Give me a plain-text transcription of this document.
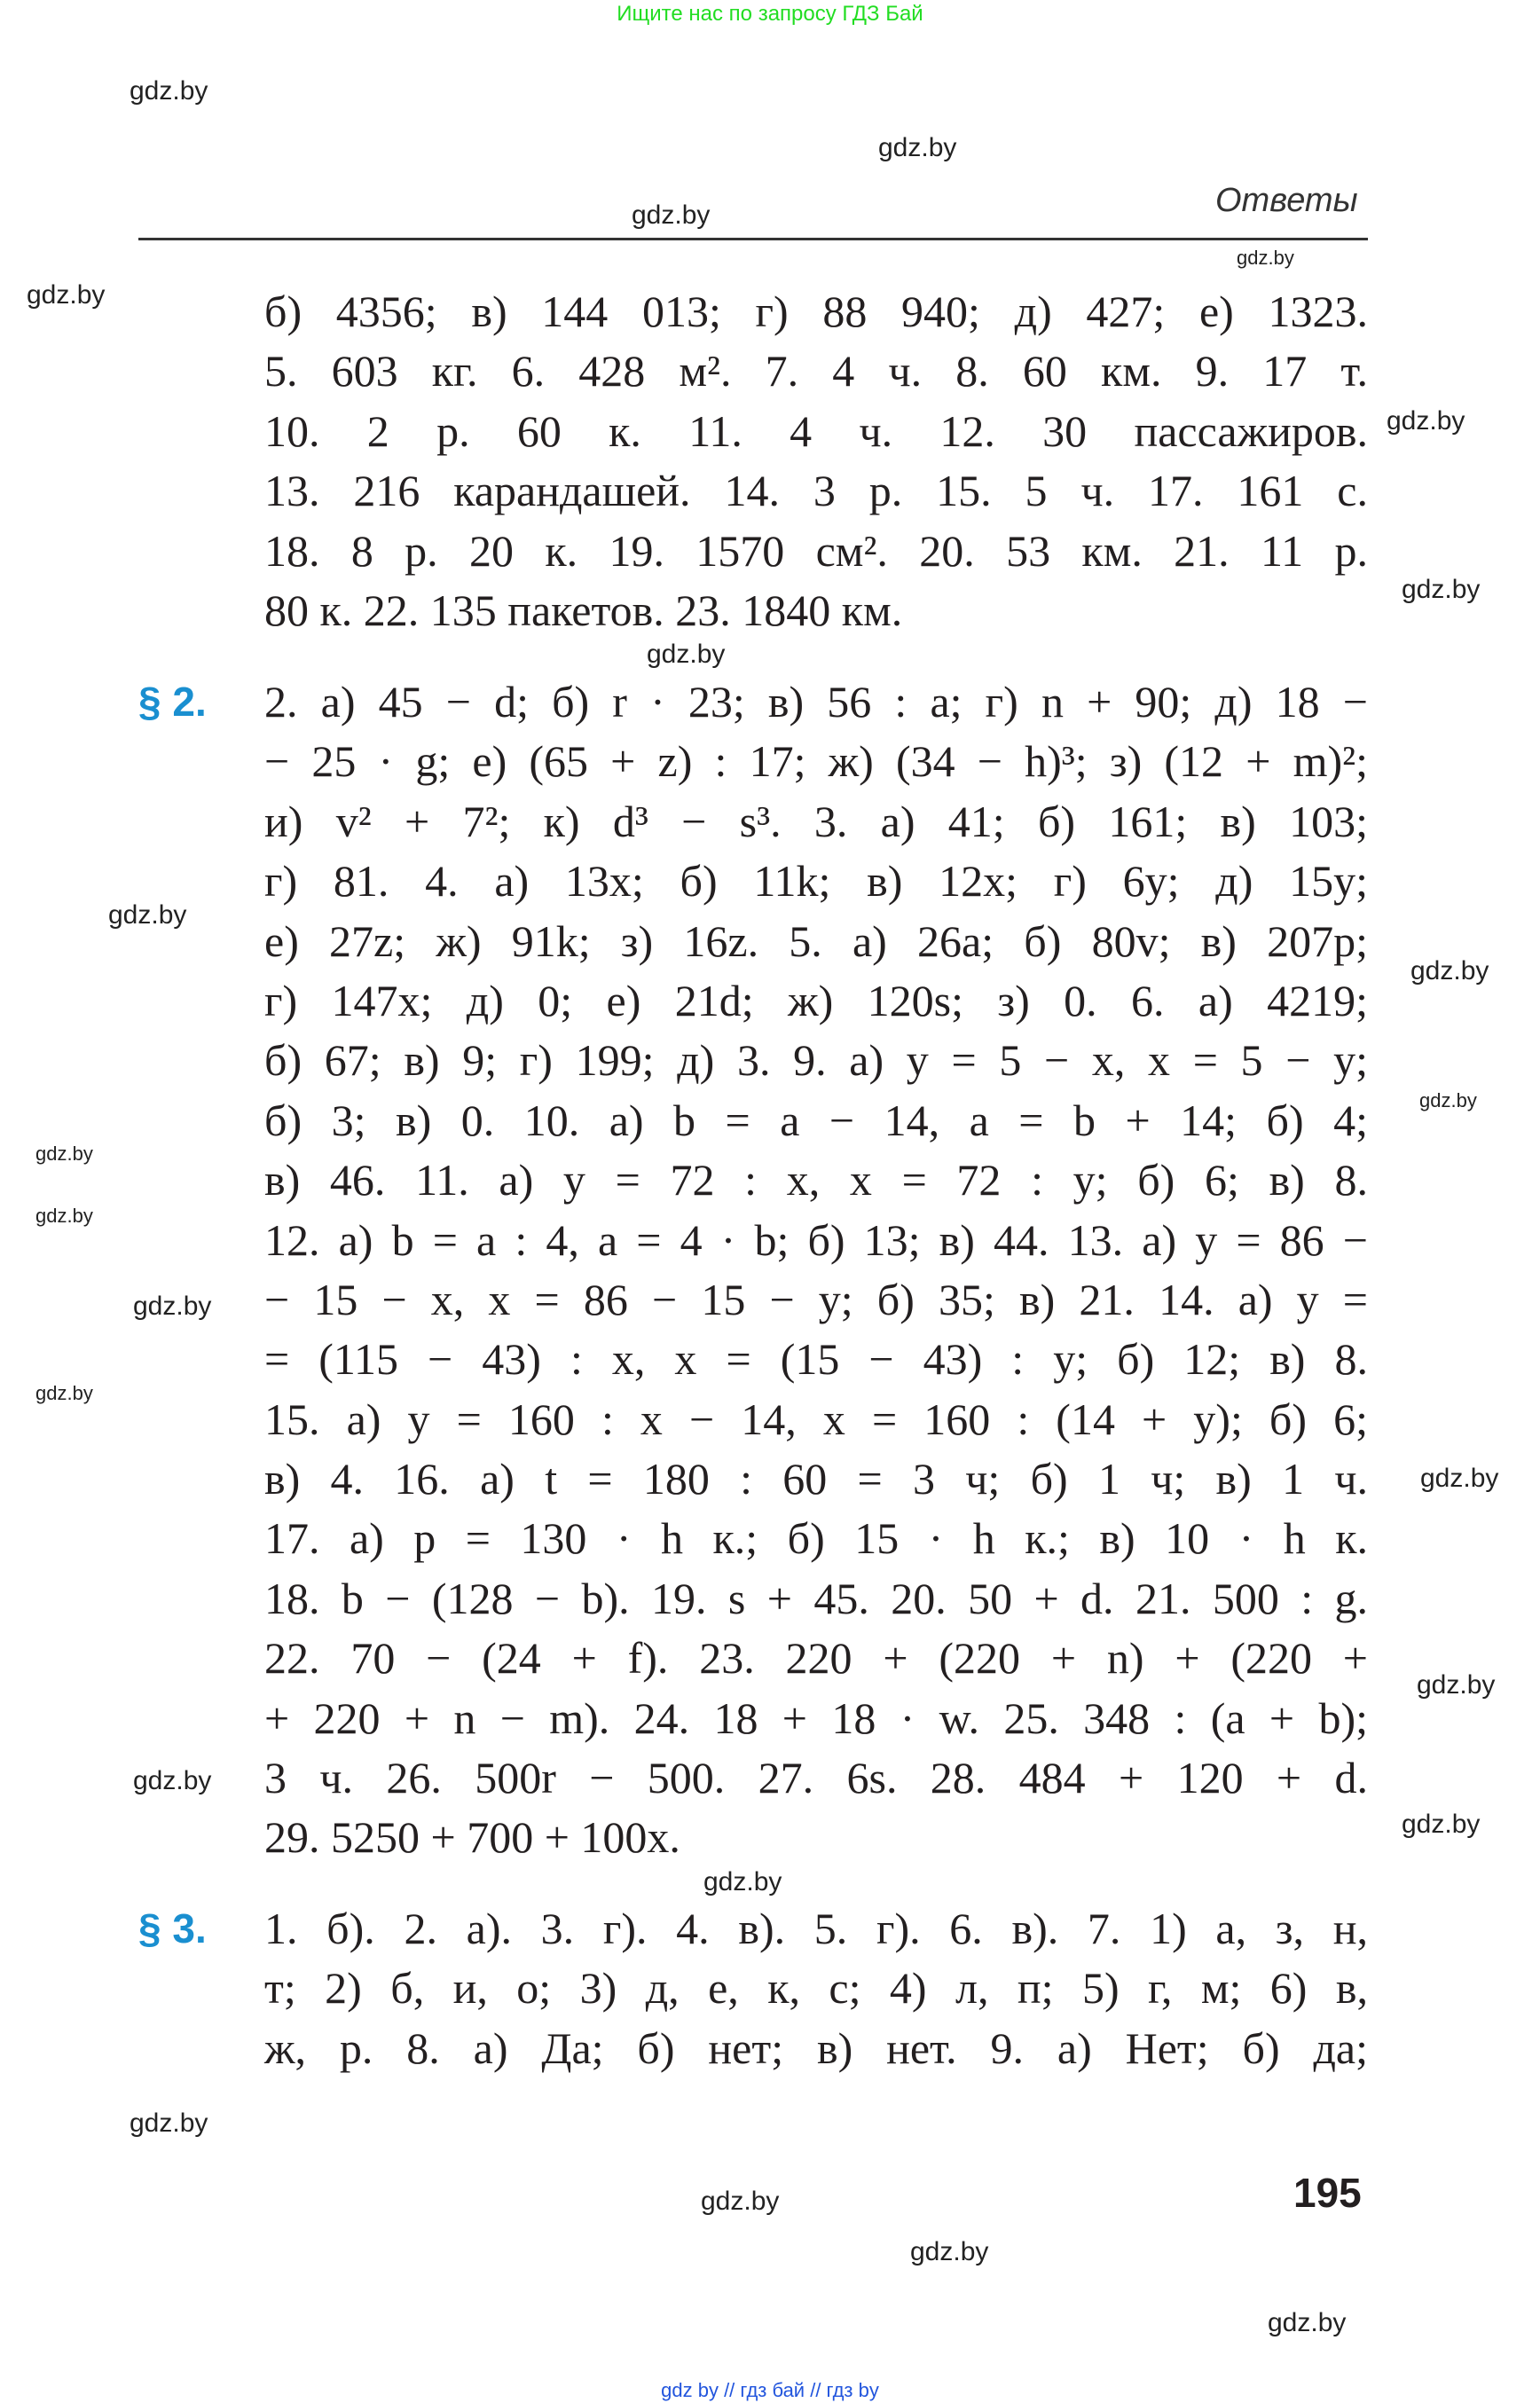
Ищите нас по запросу ГДЗ Бай
Ответы
б) 4356; в) 144 013; г) 88 940; д) 427; е) 1323.
5. 603 кг. 6. 428 м². 7. 4 ч. 8. 60 км. 9. 17 т.
10. 2 р. 60 к. 11. 4 ч. 12. 30 пассажиров.
13. 216 карандашей. 14. 3 р. 15. 5 ч. 17. 161 с.
18. 8 р. 20 к. 19. 1570 см². 20. 53 км. 21. 11 р.
80 к. 22. 135 пакетов. 23. 1840 км.
§ 2. 2. а) 45 − d; б) r · 23; в) 56 : a; г) n + 90; д) 18 −
− 25 · g; е) (65 + z) : 17; ж) (34 − h)³; з) (12 + m)²;
и) v² + 7²; к) d³ − s³. 3. а) 41; б) 161; в) 103;
г) 81. 4. а) 13x; б) 11k; в) 12x; г) 6y; д) 15y;
е) 27z; ж) 91k; з) 16z. 5. а) 26a; б) 80v; в) 207p;
г) 147x; д) 0; е) 21d; ж) 120s; з) 0. 6. а) 4219;
б) 67; в) 9; г) 199; д) 3. 9. а) y = 5 − x, x = 5 − y;
б) 3; в) 0. 10. а) b = a − 14, a = b + 14; б) 4;
в) 46. 11. а) y = 72 : x, x = 72 : y; б) 6; в) 8.
12. а) b = a : 4, a = 4 · b; б) 13; в) 44. 13. а) y = 86 −
− 15 − x, x = 86 − 15 − y; б) 35; в) 21. 14. а) y =
= (115 − 43) : x, x = (15 − 43) : y; б) 12; в) 8.
15. а) y = 160 : x − 14, x = 160 : (14 + y); б) 6;
в) 4. 16. а) t = 180 : 60 = 3 ч; б) 1 ч; в) 1 ч.
17. а) p = 130 · h к.; б) 15 · h к.; в) 10 · h к.
18. b − (128 − b). 19. s + 45. 20. 50 + d. 21. 500 : g.
22. 70 − (24 + f). 23. 220 + (220 + n) + (220 +
+ 220 + n − m). 24. 18 + 18 · w. 25. 348 : (a + b);
3 ч. 26. 500r − 500. 27. 6s. 28. 484 + 120 + d.
29. 5250 + 700 + 100x.
§ 3. 1. б). 2. а). 3. г). 4. в). 5. г). 6. в). 7. 1) а, з, н,
т; 2) б, и, о; 3) д, е, к, с; 4) л, п; 5) г, м; 6) в,
ж, р. 8. а) Да; б) нет; в) нет. 9. а) Нет; б) да;
gdz.by
gdz.by
gdz.by
gdz.by
gdz.by
gdz.by
gdz.by
gdz.by
gdz.by
gdz.by
gdz.by
gdz.by
gdz.by
gdz.by
gdz.by
gdz.by
gdz.by
gdz.by
gdz.by
gdz.by
gdz.by
gdz.by
gdz.by
gdz.by
195
gdz by // гдз бай // гдз by
